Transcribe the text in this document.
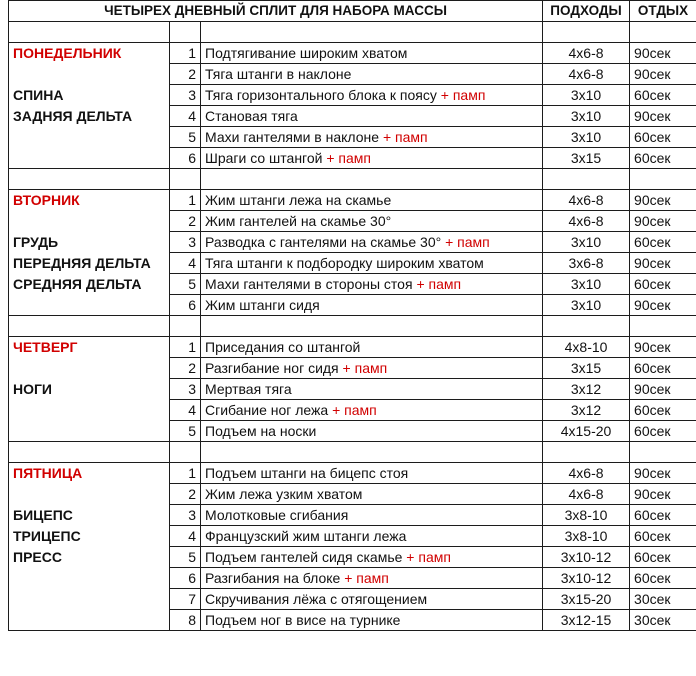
ЧЕТЫРЕХ ДНЕВНЫЙ СПЛИТ ДЛЯ НАБОРА МАССЫ			ПОДХОДЫ	ОТДЫХ

ПОНЕДЕЛЬНИК	1	Подтягивание широким хватом	4x6-8	90сек
	2	Тяга штанги в наклоне	4x6-8	90сек
СПИНА	3	Тяга горизонтального блока к поясу + памп	3x10	60сек
ЗАДНЯЯ ДЕЛЬТА	4	Становая тяга	3x10	90сек
	5	Махи гантелями в наклоне + памп	3x10	60сек
	6	Шраги со штангой + памп	3x15	60сек

ВТОРНИК	1	Жим штанги лежа на скамье	4x6-8	90сек
	2	Жим гантелей на скамье 30°	4x6-8	90сек
ГРУДЬ	3	Разводка с гантелями на скамье 30° + памп	3x10	60сек
ПЕРЕДНЯЯ ДЕЛЬТА	4	Тяга штанги к подбородку широким хватом	3x6-8	90сек
СРЕДНЯЯ ДЕЛЬТА	5	Махи гантелями в стороны стоя + памп	3x10	60сек
	6	Жим штанги сидя	3x10	90сек

ЧЕТВЕРГ	1	Приседания со штангой	4x8-10	90сек
	2	Разгибание ног сидя + памп	3x15	60сек
НОГИ	3	Мертвая тяга	3x12	90сек
	4	Сгибание ног лежа + памп	3x12	60сек
	5	Подъем на носки	4x15-20	60сек

ПЯТНИЦА	1	Подъем штанги на бицепс стоя	4x6-8	90сек
	2	Жим лежа узким хватом	4x6-8	90сек
БИЦЕПС	3	Молотковые сгибания	3x8-10	60сек
ТРИЦЕПС	4	Французский жим штанги лежа	3x8-10	60сек
ПРЕСС	5	Подъем гантелей сидя скамье + памп	3x10-12	60сек
	6	Разгибания на блоке + памп	3x10-12	60сек
	7	Скручивания лёжа с отягощением	3x15-20	30сек
	8	Подъем ног в висе на турнике	3x12-15	30сек
